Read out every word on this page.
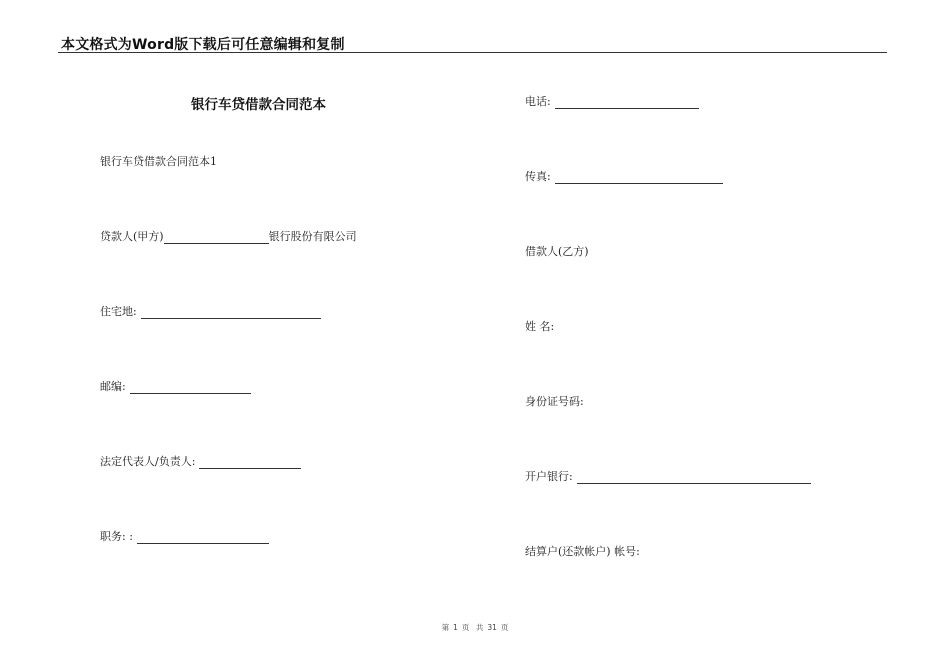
本文格式为Word版下载后可任意编辑和复制
银行车贷借款合同范本
银行车贷借款合同范本1
贷款人(甲方)	银行股份有限公司
住宅地:
邮编:
法定代表人/负责人:
职务: :
电话:
传真:
借款人(乙方)
姓 名:
身份证号码:
开户银行:
结算户(还款帐户) 帐号:
第 1 页 共 31 页
